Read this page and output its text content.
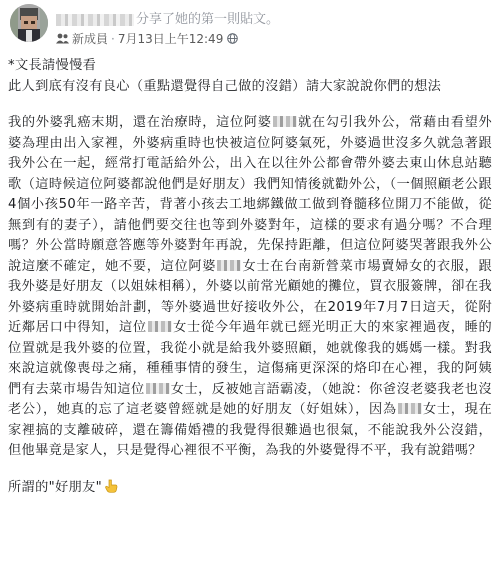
分享了她的第一則貼文。
新成員 · 7月13日上午12:49

*文長請慢慢看

此人到底有沒有良心（重點還覺得自己做的沒錯）請大家說說你們的想法

我的外婆乳癌末期，還在治療時，這位阿婆 就在勾引我外公，常藉由看望外婆為理由出入家裡，外婆病重時也快被這位阿婆氣死，外婆過世沒多久就急著跟我外公在一起，經常打電話給外公，出入在以往外公都會帶外婆去東山休息站聽歌（這時候這位阿婆都說他們是好朋友）我們知情後就勸外公，（一個照顧老公跟4個小孩50年一路辛苦，背著小孩去工地綁鐵做工做到脊髓移位開刀不能做，從無到有的妻子），請他們要交往也等到外婆對年，這樣的要求有過分嗎？不合理嗎？外公當時願意答應等外婆對年再說，先保持距離，但這位阿婆哭著跟我外公說這麼不確定，她不要，這位阿婆 女士在台南新營菜市場賣婦女的衣服，跟我外婆是好朋友（以姐妹相稱），外婆以前常光顧她的攤位，買衣服簽牌，卻在我外婆病重時就開始計劃，等外婆過世好接收外公，在2019年7月7日這天，從附近鄰居口中得知，這位 女士從今年過年就已經光明正大的來家裡過夜，睡的位置就是我外婆的位置，我從小就是給我外婆照顧，她就像我的媽媽一樣。對我來說這就像喪母之痛，種種事情的發生，這傷痛更深深的烙印在心裡，我的阿姨們有去菜市場告知這位 女士，反被她言語霸凌，（她說：你爸沒老婆我老也沒老公），她真的忘了這老婆曾經就是她的好朋友（好姐妹），因為 女士，現在家裡搞的支離破碎，還在籌備婚禮的我覺得很難過也很氣，不能說我外公沒錯，但他畢竟是家人，只是覺得心裡很不平衡，為我的外婆覺得不平，我有說錯嗎？

所謂的"好朋友"
